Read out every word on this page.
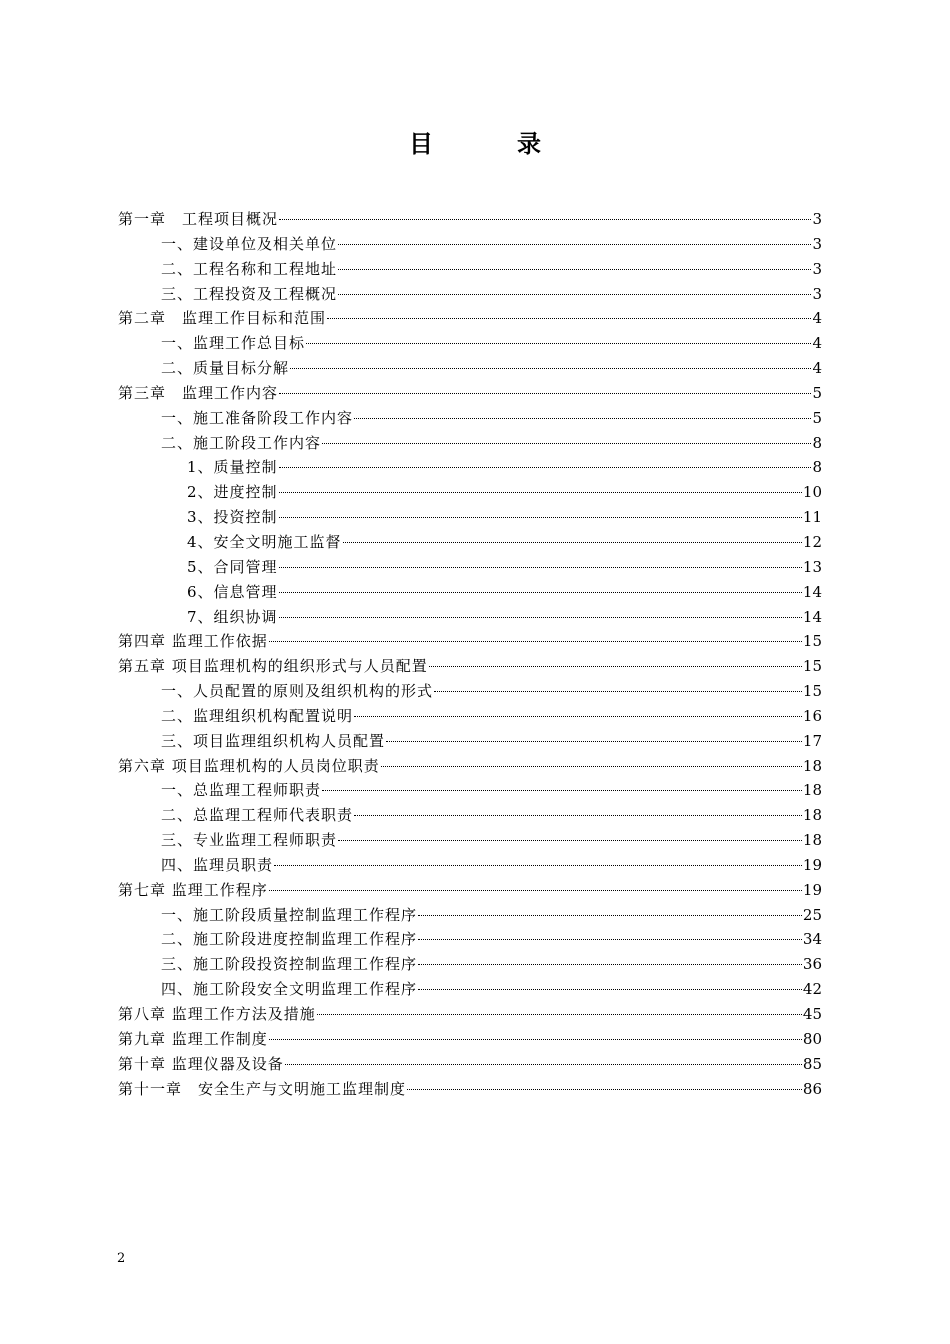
目　录
第一章　工程项目概况	3
一、建设单位及相关单位	3
二、工程名称和工程地址	3
三、工程投资及工程概况	3
第二章　监理工作目标和范围	4
一、监理工作总目标	4
二、质量目标分解	4
第三章　监理工作内容	5
一、施工准备阶段工作内容	5
二、施工阶段工作内容	8
1、质量控制	8
2、进度控制	10
3、投资控制	11
4、安全文明施工监督	12
5、合同管理	13
6、信息管理	14
7、组织协调	14
第四章 监理工作依据	15
第五章 项目监理机构的组织形式与人员配置	15
一、人员配置的原则及组织机构的形式	15
二、监理组织机构配置说明	16
三、项目监理组织机构人员配置	17
第六章 项目监理机构的人员岗位职责	18
一、总监理工程师职责	18
二、总监理工程师代表职责	18
三、专业监理工程师职责	18
四、监理员职责	19
第七章 监理工作程序	19
一、施工阶段质量控制监理工作程序	25
二、施工阶段进度控制监理工作程序	34
三、施工阶段投资控制监理工作程序	36
四、施工阶段安全文明监理工作程序	42
第八章 监理工作方法及措施	45
第九章 监理工作制度	80
第十章 监理仪器及设备	85
第十一章　安全生产与文明施工监理制度	86
2
